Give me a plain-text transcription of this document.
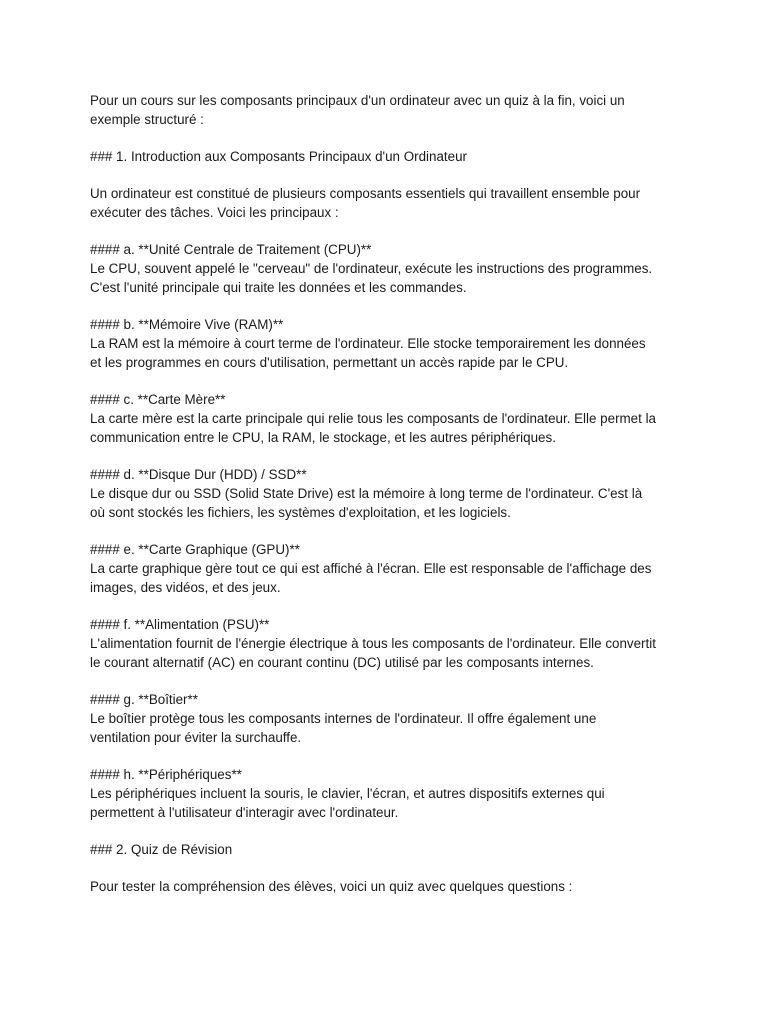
Pour un cours sur les composants principaux d'un ordinateur avec un quiz à la fin, voici un
exemple structuré :

### 1. Introduction aux Composants Principaux d'un Ordinateur

Un ordinateur est constitué de plusieurs composants essentiels qui travaillent ensemble pour
exécuter des tâches. Voici les principaux :

#### a. **Unité Centrale de Traitement (CPU)**
Le CPU, souvent appelé le "cerveau" de l'ordinateur, exécute les instructions des programmes.
C'est l'unité principale qui traite les données et les commandes.

#### b. **Mémoire Vive (RAM)**
La RAM est la mémoire à court terme de l'ordinateur. Elle stocke temporairement les données
et les programmes en cours d'utilisation, permettant un accès rapide par le CPU.

#### c. **Carte Mère**
La carte mère est la carte principale qui relie tous les composants de l'ordinateur. Elle permet la
communication entre le CPU, la RAM, le stockage, et les autres périphériques.

#### d. **Disque Dur (HDD) / SSD**
Le disque dur ou SSD (Solid State Drive) est la mémoire à long terme de l'ordinateur. C'est là
où sont stockés les fichiers, les systèmes d'exploitation, et les logiciels.

#### e. **Carte Graphique (GPU)**
La carte graphique gère tout ce qui est affiché à l'écran. Elle est responsable de l'affichage des
images, des vidéos, et des jeux.

#### f. **Alimentation (PSU)**
L'alimentation fournit de l'énergie électrique à tous les composants de l'ordinateur. Elle convertit
le courant alternatif (AC) en courant continu (DC) utilisé par les composants internes.

#### g. **Boîtier**
Le boîtier protège tous les composants internes de l'ordinateur. Il offre également une
ventilation pour éviter la surchauffe.

#### h. **Périphériques**
Les périphériques incluent la souris, le clavier, l'écran, et autres dispositifs externes qui
permettent à l'utilisateur d'interagir avec l'ordinateur.

### 2. Quiz de Révision

Pour tester la compréhension des élèves, voici un quiz avec quelques questions :
